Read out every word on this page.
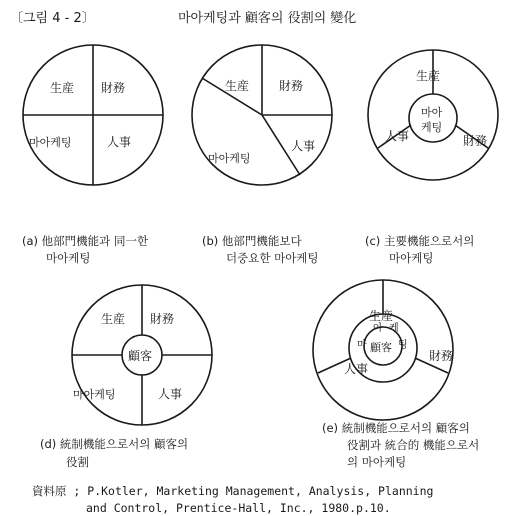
〔그림 4 - 2〕	마아케팅과 顧客의 役割의 變化
生産 財務
마아케팅	人事
生産 財務
마아케팅
人事
生産
마아
케팅
人事	財務
(a) 他部門機能과 同一한
마아케팅
(b) 他部門機能보다
더중요한 마아케팅
(c) 主要機能으로서의
마아케팅
生産 財務
顧客
마아케팅	人事
生産
마
아 케
팅
顧客
人事
財務
(d) 統制機能으로서의 顧客의
役割
(e) 統制機能으로서의 顧客의
役割과 統合的 機能으로서
의 마아케팅
資料原 ; P.Kotler, Marketing Management, Analysis, Planning
and Control, Prentice-Hall, Inc., 1980.p.10.
